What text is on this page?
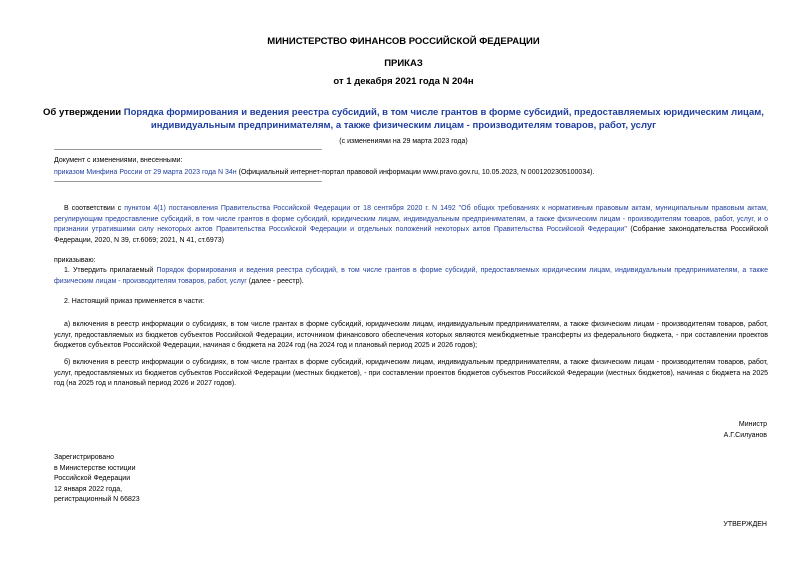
МИНИСТЕРСТВО ФИНАНСОВ РОССИЙСКОЙ ФЕДЕРАЦИИ
ПРИКАЗ
от 1 декабря 2021 года N 204н
Об утверждении Порядка формирования и ведения реестра субсидий, в том числе грантов в форме субсидий, предоставляемых юридическим лицам, индивидуальным предпринимателям, а также физическим лицам - производителям товаров, работ, услуг
(с изменениями на 29 марта 2023 года)
Документ с изменениями, внесенными:
приказом Минфина России от 29 марта 2023 года N 34н (Официальный интернет-портал правовой информации www.pravo.gov.ru, 10.05.2023, N 0001202305100034).
В соответствии с пунктом 4(1) постановления Правительства Российской Федерации от 18 сентября 2020 г. N 1492 "Об общих требованиях к нормативным правовым актам, муниципальным правовым актам, регулирующим предоставление субсидий, в том числе грантов в форме субсидий, юридическим лицам, индивидуальным предпринимателям, а также физическим лицам - производителям товаров, работ, услуг, и о признании утратившими силу некоторых актов Правительства Российской Федерации и отдельных положений некоторых актов Правительства Российской Федерации" (Собрание законодательства Российской Федерации, 2020, N 39, ст.6069; 2021, N 41, ст.6973)
приказываю:
1. Утвердить прилагаемый Порядок формирования и ведения реестра субсидий, в том числе грантов в форме субсидий, предоставляемых юридическим лицам, индивидуальным предпринимателям, а также физическим лицам - производителям товаров, работ, услуг (далее - реестр).
2. Настоящий приказ применяется в части:
а) включения в реестр информации о субсидиях, в том числе грантах в форме субсидий, юридическим лицам, индивидуальным предпринимателям, а также физическим лицам - производителям товаров, работ, услуг, предоставляемых из бюджетов субъектов Российской Федерации, источником финансового обеспечения которых являются межбюджетные трансферты из федерального бюджета, - при составлении проектов бюджетов субъектов Российской Федерации, начиная с бюджета на 2024 год (на 2024 год и плановый период 2025 и 2026 годов);
б) включения в реестр информации о субсидиях, в том числе грантах в форме субсидий, юридическим лицам, индивидуальным предпринимателям, а также физическим лицам - производителям товаров, работ, услуг, предоставляемых из бюджетов субъектов Российской Федерации (местных бюджетов), - при составлении проектов бюджетов субъектов Российской Федерации (местных бюджетов), начиная с бюджета на 2025 год (на 2025 год и плановый период 2026 и 2027 годов).
Министр
А.Г.Силуанов
Зарегистрировано
в Министерстве юстиции
Российской Федерации
12 января 2022 года,
регистрационный N 66823
УТВЕРЖДЕН
